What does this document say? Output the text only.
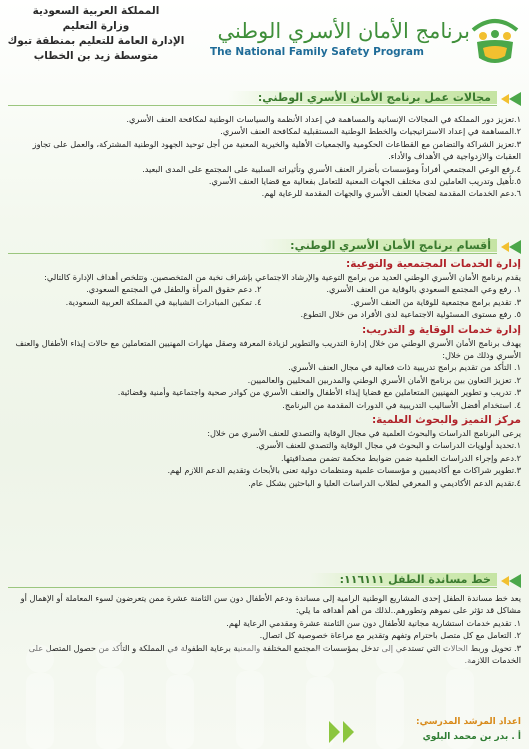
المملكة العربية السعودية
وزارة التعليم
الإدارة العامة للتعليم بمنطقة تبوك
متوسطة زيد بن الخطاب
برنامج الأمان الأسري الوطني
The National Family Safety Program
مجالات عمل برنامج الأمان الأسري الوطني:
١.تعزيز دور المملكة في المجالات الإنسانية والمساهمة في إعداد الأنظمة والسياسات الوطنية لمكافحة العنف الأسري.
٢.المساهمة في إعداد الاستراتيجيات والخطط الوطنية المستقبلية لمكافحة العنف الأسري.
٣.تعزيز الشراكة والتضامن مع القطاعات الحكومية والجمعيات الأهلية والخيرية المعنية من أجل توحيد الجهود الوطنية المشتركة، والعمل على تجاوز العقبات والازدواجية في الأهداف والأداء.
٤.رفع الوعي المجتمعي أفراداً ومؤسسات بأضرار العنف الأسري وتأثيراته السلبية على المجتمع على المدى البعيد.
٥.تأهيل وتدريب العاملين لدى مختلف الجهات المعنية للتعامل بفعالية مع قضايا العنف الأسري.
٦.دعم الخدمات المقدمة لضحايا العنف الأسري والجهات المقدمة للرعاية لهم.
أقسام برنامج الأمان الأسري الوطني:
إدارة الخدمات المجتمعية والتوعية:
يقدم برنامج الأمان الأسري الوطني العديد من برامج التوعية والإرشاد الاجتماعي بإشراف نخبة من المتخصصين. وتتلخص أهداف الإدارة كالتالي:
١. رفع وعي المجتمع السعودي بالوقاية من العنف الأسري.
٣. تقديم برامج مجتمعية للوقاية من العنف الأسري.
٥. رفع مستوى المسئولية الاجتماعية لدى الأفراد من خلال التطوع.
٢. دعم حقوق المرأة والطفل في المجتمع السعودي.
٤. تمكين المبادرات الشبابية في المملكة العربية السعودية.
إدارة خدمات الوقاية و التدريب:
يهدف برنامج الأمان الأسري الوطني من خلال إدارة التدريب والتطوير لزيادة المعرفة وصقل مهارات المهنيين المتعاملين مع حالات إيذاء الأطفال والعنف الأسري وذلك من خلال:
١. التأكد من تقديم برامج تدريبية ذات فعالية في مجال العنف الأسري.
٢. تعزيز التعاون بين برنامج الأمان الأسري الوطني والمدربين المحليين والعالميين.
٣. تدريب و تطوير المهنيين المتعاملين مع قضايا إيذاء الأطفال والعنف الأسري من كوادر صحية واجتماعية وأمنية وقضائية.
٤. استخدام أفضل الأساليب التدريبية في الدورات المقدمة من البرنامج.
مركز التميز والبحوث العلمية:
يرعى البرنامج الدراسات والبحوث العلمية في مجال الوقاية والتصدي للعنف الأسري من خلال:
١.تحديد أولويات الدراسات و البحوث في مجال الوقاية والتصدي للعنف الأسري.
٢.دعم وإجراء الدراسات العلمية ضمن ضوابط محكمة تضمن مصداقيتها.
٣.تطوير شراكات مع أكاديميين و مؤسسات علمية ومنظمات دولية تعنى بالأبحاث وتقديم الدعم اللازم لهم.
٤.تقديم الدعم الأكاديمي و المعرفي لطلاب الدراسات العليا و الباحثين بشكل عام.
خط مساندة الطفل ١١٦١١١:
يعد خط مساندة الطفل إحدى المشاريع الوطنية الرامية إلى مساندة ودعم الأطفال دون سن الثامنة عشرة ممن يتعرضون لسوء المعاملة أو الإهمال أو مشاكل قد تؤثر على نموهم وتطورهم..لذلك من أهم أهدافه ما يلي:
١. تقديم خدمات استشارية مجانية للأطفال دون سن الثامنة عشرة ومقدمي الرعاية لهم.
٢. التعامل مع كل متصل باحترام وتفهم وتقدير مع مراعاة خصوصية كل اتصال.
٣. تحويل وربط الحالات التي تستدعي إلى تدخل بمؤسسات المجتمع المختلفة والمعنية برعاية الطفولة في المملكة و التأكد من حصول المتصل على الخدمات اللازمة.
اعداد المرشد المدرسي:
أ . بدر بن محمد البلوي
